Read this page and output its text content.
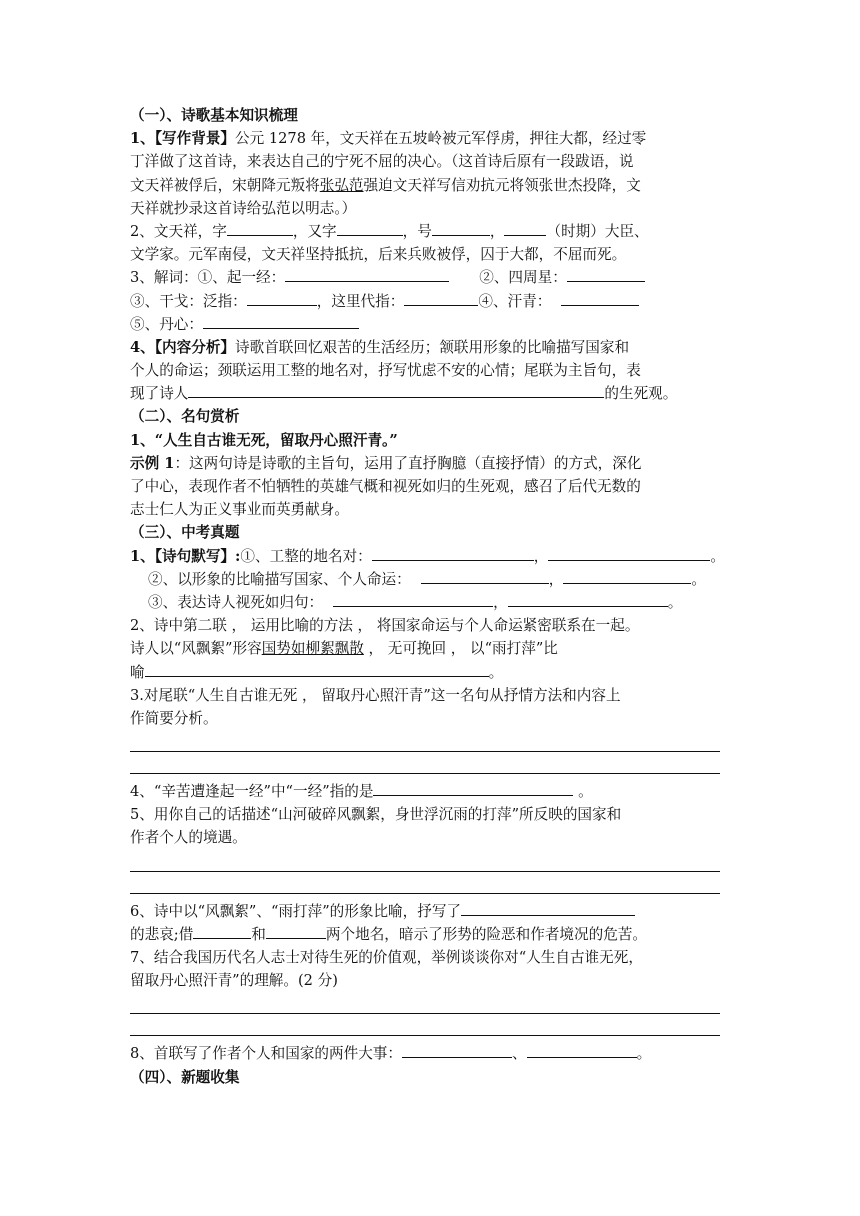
（一）、诗歌基本知识梳理
1、【写作背景】公元 1278 年，文天祥在五坡岭被元军俘虏，押往大都，经过零
丁洋做了这首诗，来表达自己的宁死不屈的决心。（这首诗后原有一段跋语，说
文天祥被俘后，宋朝降元叛将张弘范强迫文天祥写信劝抗元将领张世杰投降，文
天祥就抄录这首诗给弘范以明志。）
2、文天祥，字	，又字	，号	，	（时期）大臣、
文学家。元军南侵，文天祥坚持抵抗，后来兵败被俘，囚于大都，不屈而死。
3、解词：①、起一经：	②、四周星：
③、干戈：泛指：	，这里代指：	④、汗青：
⑤、丹心：
4、【内容分析】诗歌首联回忆艰苦的生活经历；颔联用形象的比喻描写国家和
个人的命运；颈联运用工整的地名对，抒写忧虑不安的心情；尾联为主旨句，表
现了诗人	的生死观。
（二）、名句赏析
1、“人生自古谁无死，留取丹心照汗青。”
示例 1：这两句诗是诗歌的主旨句，运用了直抒胸臆（直接抒情）的方式，深化
了中心，表现作者不怕牺牲的英雄气概和视死如归的生死观，感召了后代无数的
志士仁人为正义事业而英勇献身。
（三）、中考真题
1、【诗句默写】:①、工整的地名对：	，	。
②、以形象的比喻描写国家、个人命运：	，	。
③、表达诗人视死如归句：	，	。
2、诗中第二联 ， 运用比喻的方法 ， 将国家命运与个人命运紧密联系在一起。
诗人以“风飘絮”形容国势如柳絮飘散 ， 无可挽回 ， 以“雨打萍”比
喻	。
3.对尾联“人生自古谁无死 ， 留取丹心照汗青”这一名句从抒情方法和内容上
作简要分析。
4、“辛苦遭逢起一经”中“一经”指的是	。
5、用你自己的话描述“山河破碎风飘絮，身世浮沉雨的打萍”所反映的国家和
作者个人的境遇。
6、诗中以“风飘絮”、“雨打萍”的形象比喻，抒写了
的悲哀;借	和	两个地名，暗示了形势的险恶和作者境况的危苦。
7、结合我国历代名人志士对待生死的价值观，举例谈谈你对“人生自古谁无死，
留取丹心照汗青”的理解。(2 分)
8、首联写了作者个人和国家的两件大事：	、	。
（四）、新题收集
